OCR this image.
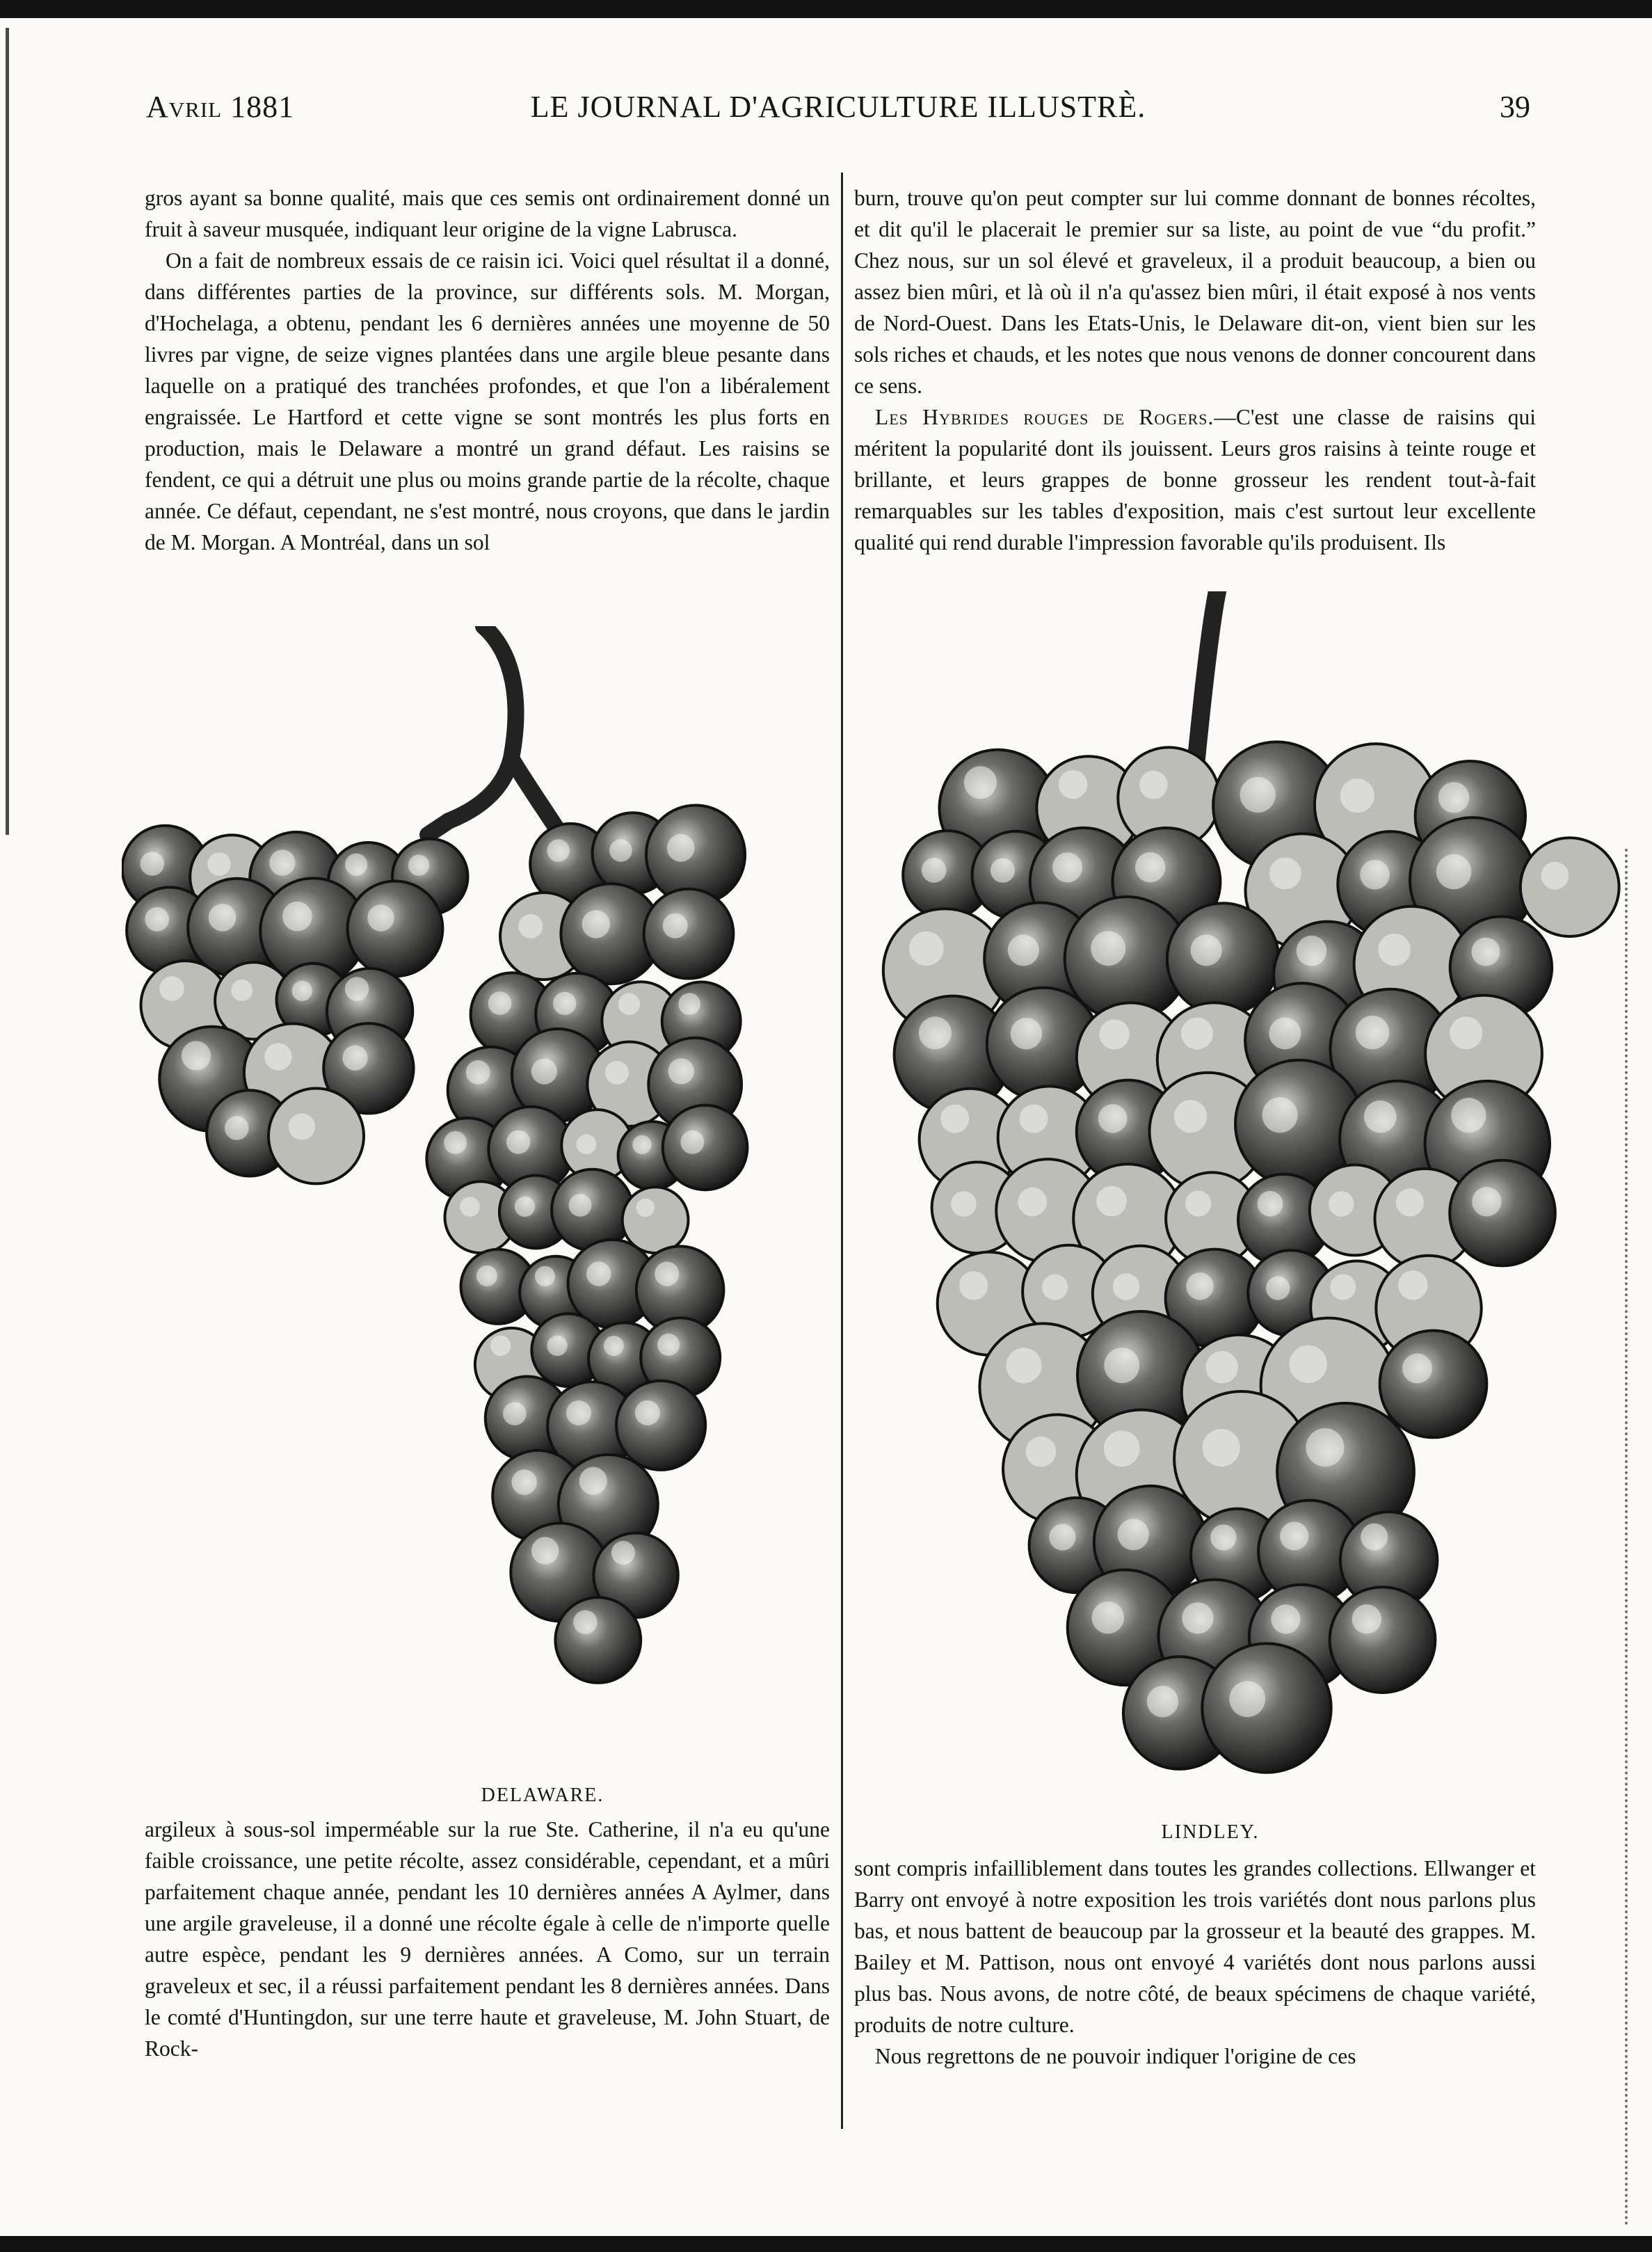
Avril 1881	LE JOURNAL D'AGRICULTURE ILLUSTRÈ.	39

gros ayant sa bonne qualité, mais que ces semis ont ordinairement donné un fruit à saveur musquée, indiquant leur origine de la vigne Labrusca.

On a fait de nombreux essais de ce raisin ici. Voici quel résultat il a donné, dans différentes parties de la province, sur différents sols. M. Morgan, d'Hochelaga, a obtenu, pendant les 6 dernières années une moyenne de 50 livres par vigne, de seize vignes plantées dans une argile bleue pesante dans laquelle on a pratiqué des tranchées profondes, et que l'on a libéralement engraissée. Le Hartford et cette vigne se sont montrés les plus forts en production, mais le Delaware a montré un grand défaut. Les raisins se fendent, ce qui a détruit une plus ou moins grande partie de la récolte, chaque année. Ce défaut, cependant, ne s'est montré, nous croyons, que dans le jardin de M. Morgan. A Montréal, dans un sol

burn, trouve qu'on peut compter sur lui comme donnant de bonnes récoltes, et dit qu'il le placerait le premier sur sa liste, au point de vue “du profit.” Chez nous, sur un sol élevé et graveleux, il a produit beaucoup, a bien ou assez bien mûri, et là où il n'a qu'assez bien mûri, il était exposé à nos vents de Nord-Ouest. Dans les Etats-Unis, le Delaware dit-on, vient bien sur les sols riches et chauds, et les notes que nous venons de donner concourent dans ce sens.

Les Hybrides rouges de Rogers.—C'est une classe de raisins qui méritent la popularité dont ils jouissent. Leurs gros raisins à teinte rouge et brillante, et leurs grappes de bonne grosseur les rendent tout-à-fait remarquables sur les tables d'exposition, mais c'est surtout leur excellente qualité qui rend durable l'impression favorable qu'ils produisent. Ils

DELAWARE.
LINDLEY.

argileux à sous-sol imperméable sur la rue Ste. Catherine, il n'a eu qu'une faible croissance, une petite récolte, assez considérable, cependant, et a mûri parfaitement chaque année, pendant les 10 dernières années A Aylmer, dans une argile graveleuse, il a donné une récolte égale à celle de n'importe quelle autre espèce, pendant les 9 dernières années. A Como, sur un terrain graveleux et sec, il a réussi parfaitement pendant les 8 dernières années. Dans le comté d'Huntingdon, sur une terre haute et graveleuse, M. John Stuart, de Rock-

sont compris infailliblement dans toutes les grandes collections. Ellwanger et Barry ont envoyé à notre exposition les trois variétés dont nous parlons plus bas, et nous battent de beaucoup par la grosseur et la beauté des grappes. M. Bailey et M. Pattison, nous ont envoyé 4 variétés dont nous parlons aussi plus bas. Nous avons, de notre côté, de beaux spécimens de chaque variété, produits de notre culture.

Nous regrettons de ne pouvoir indiquer l'origine de ces
